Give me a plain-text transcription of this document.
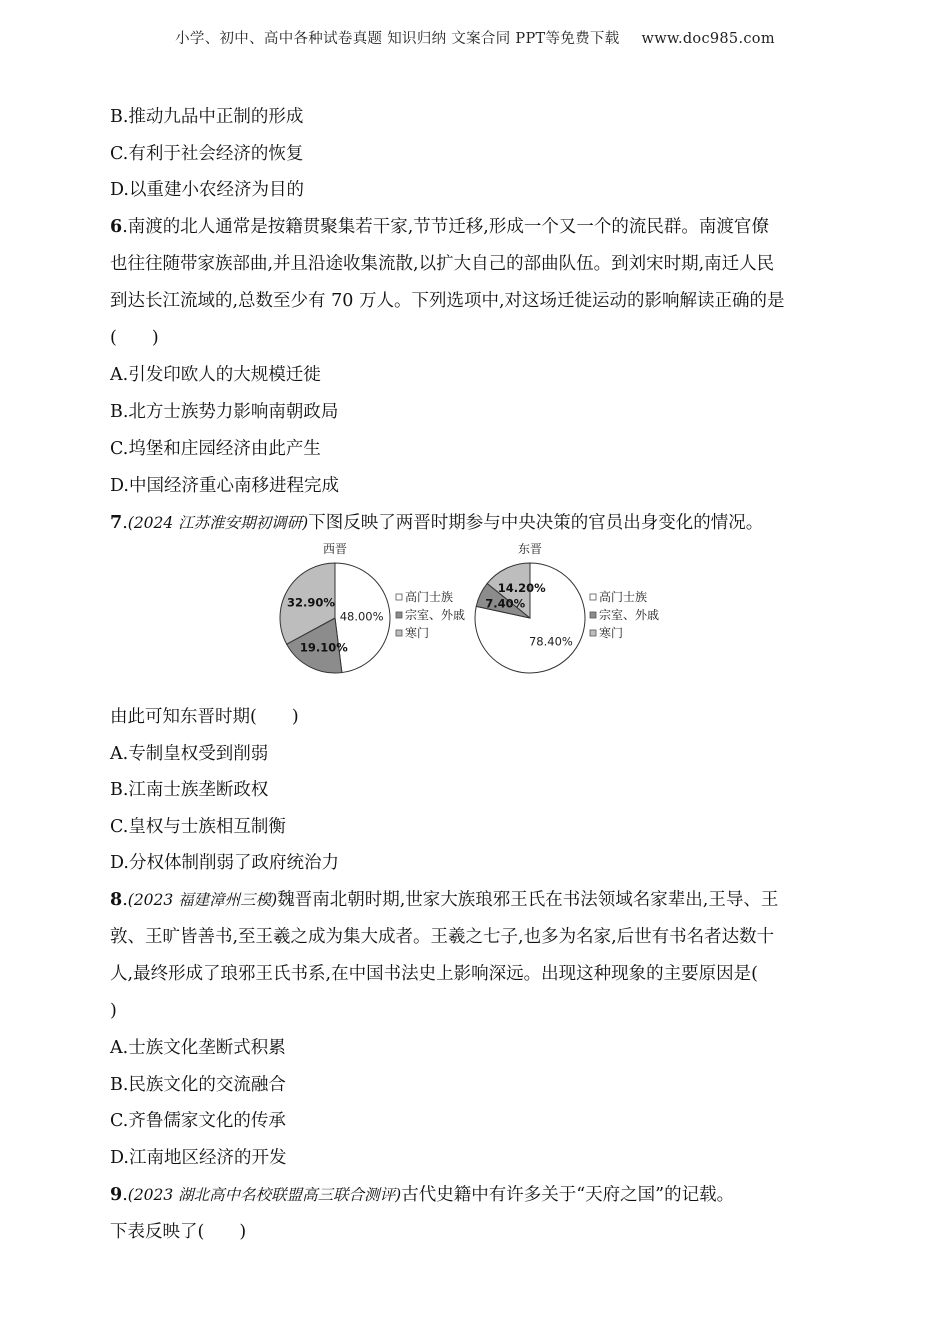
小学、初中、高中各种试卷真题 知识归纳 文案合同 PPT等免费下载 www.doc985.com
B.推动九品中正制的形成
C.有利于社会经济的恢复
D.以重建小农经济为目的
6.南渡的北人通常是按籍贯聚集若干家,节节迁移,形成一个又一个的流民群。南渡官僚
也往往随带家族部曲,并且沿途收集流散,以扩大自己的部曲队伍。到刘宋时期,南迁人民
到达长江流域的,总数至少有 70 万人。下列选项中,对这场迁徙运动的影响解读正确的是
(　　)
A.引发印欧人的大规模迁徙
B.北方士族势力影响南朝政局
C.坞堡和庄园经济由此产生
D.中国经济重心南移进程完成
7.(2024 江苏淮安期初调研)下图反映了两晋时期参与中央决策的官员出身变化的情况。
西晋	东晋
48.00%
19.10%
32.90%
78.40%
7.40%
14.20%
高门士族
宗室、外戚
寒门
高门士族
宗室、外戚
寒门
由此可知东晋时期(　　)
A.专制皇权受到削弱
B.江南士族垄断政权
C.皇权与士族相互制衡
D.分权体制削弱了政府统治力
8.(2023 福建漳州三模)魏晋南北朝时期,世家大族琅邪王氏在书法领域名家辈出,王导、王
敦、王旷皆善书,至王羲之成为集大成者。王羲之七子,也多为名家,后世有书名者达数十
人,最终形成了琅邪王氏书系,在中国书法史上影响深远。出现这种现象的主要原因是(
)
A.士族文化垄断式积累
B.民族文化的交流融合
C.齐鲁儒家文化的传承
D.江南地区经济的开发
9.(2023 湖北高中名校联盟高三联合测评)古代史籍中有许多关于“天府之国”的记载。
下表反映了(　　)
